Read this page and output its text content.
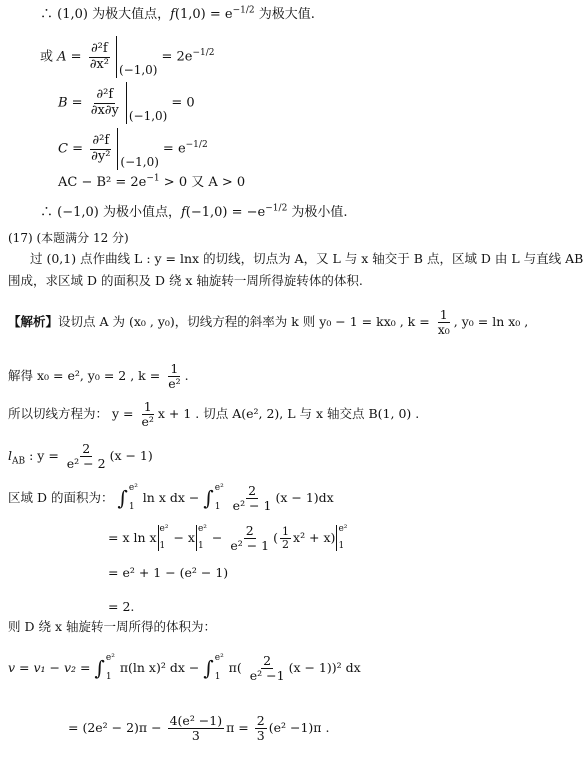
∴ (1,0) 为极大值点，$f(1,0) = e^{-1/2}$ 为极大值.
或 $A = \frac{\text{∂²f}}{\text{∂x²}} (-1,0)= 2e^{-1/2}$
$B = \frac{\text{∂²f}}{\partial x\partial y} (-1,0)= 0$
$C = \frac{\text{∂²f}}{\text{∂y²}} (-1,0)= e^{-1/2}$
AC − $B^2 = 2e^{-1} > 0$ 又 A > 0
∴ (−1,0) 为极小值点，$f(-1,0) = -e^{-1/2}$ 为极小值.
(17) (本题满分 12 分)
过 (0,1) 点作曲线 L : y = lnx 的切线，切点为 A，又 L 与 x 轴交于 B 点，区域 D 由 L 与直线 AB
围成，求区域 D 的面积及 D 绕 x 轴旋转一周所得旋转体的体积.
【解析】设切点 A 为 (x₀ , y₀)，切线方程的斜率为 k 则 y₀ − 1 = kx₀ , $k = \frac{1}{\text{x₀}}$ , y₀ = ln x₀ ,
解得 x₀ = e², y₀ = 2 , $k = \frac{1}{\text{e²}}$ .
所以切线方程为： $y = \frac{1}{\text{e²}}$ x + 1 . 切点 A(e², 2), L 与 x 轴交点 B(1, 0) .
$l_{AB}$ : $y = \frac{2}{\text{e² − 2}} (x - 1)$
区域 D 的面积为： ∫ e²
1
ln x dx − ∫ e²
1
$\frac{2}{\text{e² − 1}} (x - 1)dx$
= x ln x
e²
1
− x
e²
1
− $\frac{2}{\text{e² − 1}}$ ( $\frac{1}{2} x^2 + x$)
e²
1
= e² + 1 − (e² − 1)
= 2.
则 D 绕 x 轴旋转一周所得的体积为：
v = v₁ − v₂ = ∫ e²
1
π(ln x)² dx − ∫ e²
1
$\pi( \frac{2}{\text{e² −1}} (x - 1))^2$ dx
= $(2e^2 - 2)\pi - \frac{\text{4(e² −1)}}{3}$ $\pi = \frac{2}{3} (e^2 -1)\pi$ .
